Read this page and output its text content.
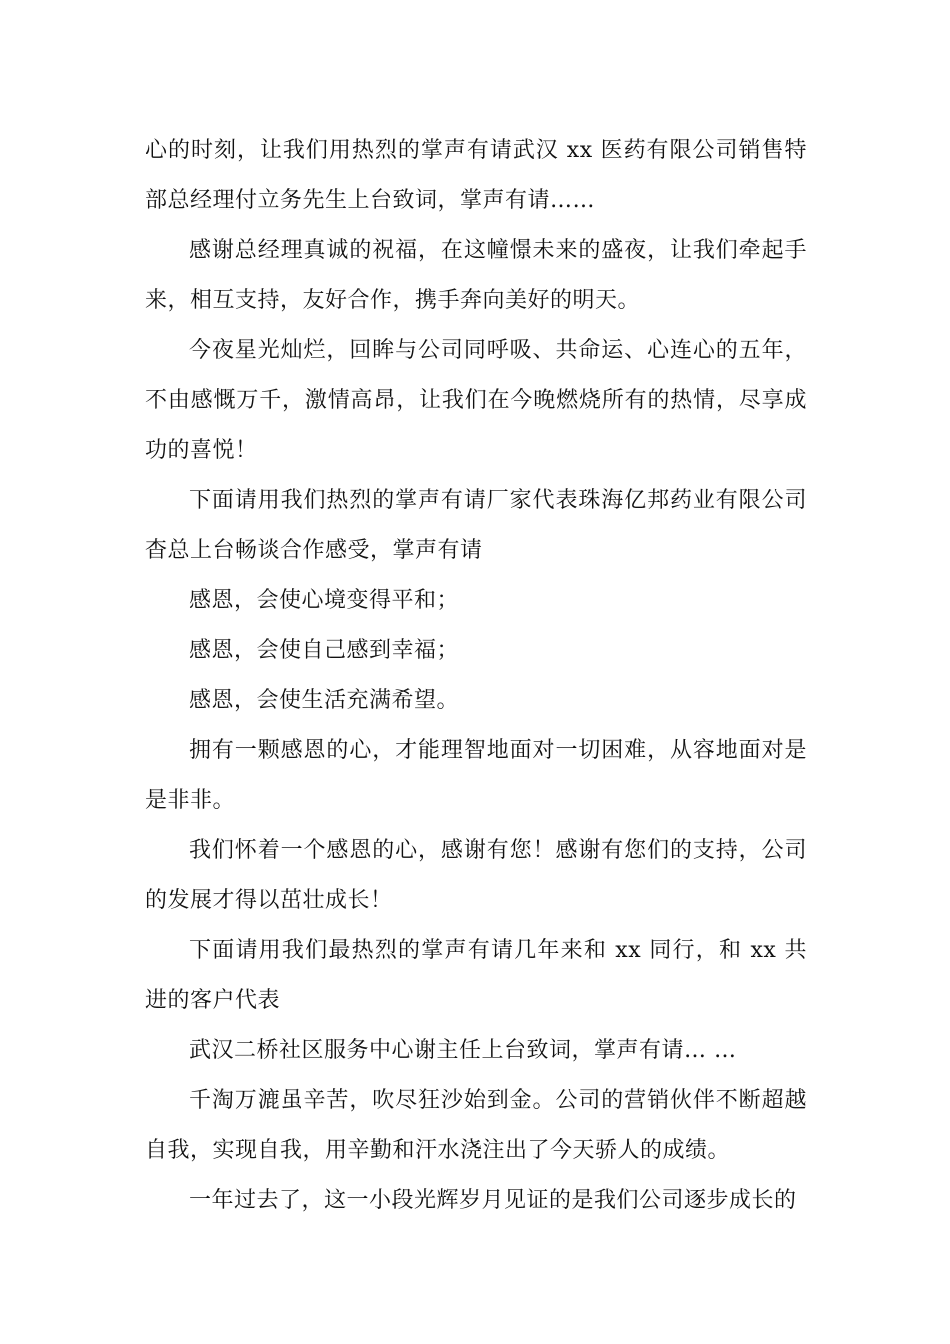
心的时刻，让我们用热烈的掌声有请武汉 xx 医药有限公司销售特部总经理付立务先生上台致词，掌声有请……

感谢总经理真诚的祝福，在这幢憬未来的盛夜，让我们牵起手来，相互支持，友好合作，携手奔向美好的明天。

今夜星光灿烂，回眸与公司同呼吸、共命运、心连心的五年，不由感慨万千，激情高昂，让我们在今晚燃烧所有的热情，尽享成功的喜悦！

下面请用我们热烈的掌声有请厂家代表珠海亿邦药业有限公司杳总上台畅谈合作感受，掌声有请

感恩，会使心境变得平和；

感恩，会使自己感到幸福；

感恩，会使生活充满希望。

拥有一颗感恩的心，才能理智地面对一切困难，从容地面对是是非非。

我们怀着一个感恩的心，感谢有您！感谢有您们的支持，公司的发展才得以茁壮成长！

下面请用我们最热烈的掌声有请几年来和 xx 同行，和 xx 共进的客户代表

武汉二桥社区服务中心谢主任上台致词，掌声有请… …

千淘万漉虽辛苦，吹尽狂沙始到金。公司的营销伙伴不断超越自我，实现自我，用辛勤和汗水浇注出了今天骄人的成绩。

一年过去了，这一小段光辉岁月见证的是我们公司逐步成长的
